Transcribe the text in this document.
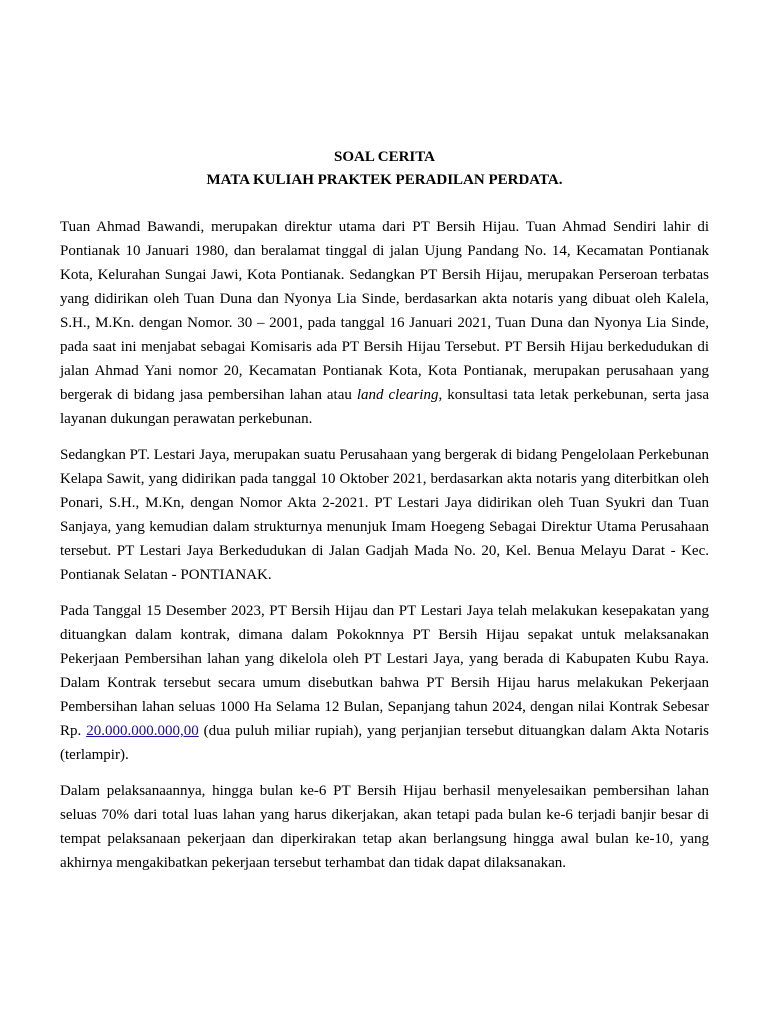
SOAL CERITA
MATA KULIAH PRAKTEK PERADILAN PERDATA.

Tuan Ahmad Bawandi, merupakan direktur utama dari PT Bersih Hijau. Tuan Ahmad Sendiri lahir di Pontianak 10 Januari 1980, dan beralamat tinggal di jalan Ujung Pandang No. 14, Kecamatan Pontianak Kota, Kelurahan Sungai Jawi, Kota Pontianak. Sedangkan PT Bersih Hijau, merupakan Perseroan terbatas yang didirikan oleh Tuan Duna dan Nyonya Lia Sinde, berdasarkan akta notaris yang dibuat oleh Kalela, S.H., M.Kn. dengan Nomor. 30 – 2001, pada tanggal 16 Januari 2021, Tuan Duna dan Nyonya Lia Sinde, pada saat ini menjabat sebagai Komisaris ada PT Bersih Hijau Tersebut. PT Bersih Hijau berkedudukan di jalan Ahmad Yani nomor 20, Kecamatan Pontianak Kota, Kota Pontianak, merupakan perusahaan yang bergerak di bidang jasa pembersihan lahan atau land clearing, konsultasi tata letak perkebunan, serta jasa layanan dukungan perawatan perkebunan.

Sedangkan PT. Lestari Jaya, merupakan suatu Perusahaan yang bergerak di bidang Pengelolaan Perkebunan Kelapa Sawit, yang didirikan pada tanggal 10 Oktober 2021, berdasarkan akta notaris yang diterbitkan oleh Ponari, S.H., M.Kn, dengan Nomor Akta 2-2021. PT Lestari Jaya didirikan oleh Tuan Syukri dan Tuan Sanjaya, yang kemudian dalam strukturnya menunjuk Imam Hoegeng Sebagai Direktur Utama Perusahaan tersebut. PT Lestari Jaya Berkedudukan di Jalan Gadjah Mada No. 20, Kel. Benua Melayu Darat - Kec. Pontianak Selatan - PONTIANAK.

Pada Tanggal 15 Desember 2023, PT Bersih Hijau dan PT Lestari Jaya telah melakukan kesepakatan yang dituangkan dalam kontrak, dimana dalam Pokoknnya PT Bersih Hijau sepakat untuk melaksanakan Pekerjaan Pembersihan lahan yang dikelola oleh PT Lestari Jaya, yang berada di Kabupaten Kubu Raya. Dalam Kontrak tersebut secara umum disebutkan bahwa PT Bersih Hijau harus melakukan Pekerjaan Pembersihan lahan seluas 1000 Ha Selama 12 Bulan, Sepanjang tahun 2024, dengan nilai Kontrak Sebesar Rp. 20.000.000.000,00 (dua puluh miliar rupiah), yang perjanjian tersebut dituangkan dalam Akta Notaris (terlampir).

Dalam pelaksanaannya, hingga bulan ke-6 PT Bersih Hijau berhasil menyelesaikan pembersihan lahan seluas 70% dari total luas lahan yang harus dikerjakan, akan tetapi pada bulan ke-6 terjadi banjir besar di tempat pelaksanaan pekerjaan dan diperkirakan tetap akan berlangsung hingga awal bulan ke-10, yang akhirnya mengakibatkan pekerjaan tersebut terhambat dan tidak dapat dilaksanakan.
